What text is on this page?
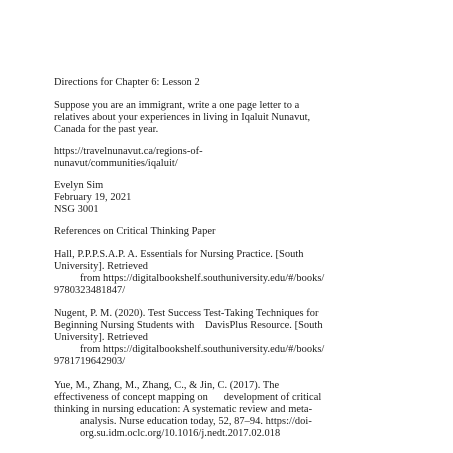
Directions for Chapter 6: Lesson 2
Suppose you are an immigrant, write a one page letter to a
relatives about your experiences in living in Iqaluit Nunavut,
Canada for the past year.
https://travelnunavut.ca/regions-of-
nunavut/communities/iqaluit/
Evelyn Sim
February 19, 2021
NSG 3001
References on Critical Thinking Paper
Hall, P.P.P.S.A.P. A. Essentials for Nursing Practice. [South
University]. Retrieved
from https://digitalbookshelf.southuniversity.edu/#/books/
9780323481847/
Nugent, P. M. (2020). Test Success Test-Taking Techniques for
Beginning Nursing Students with    DavisPlus Resource. [South
University]. Retrieved
from https://digitalbookshelf.southuniversity.edu/#/books/
9781719642903/
Yue, M., Zhang, M., Zhang, C., & Jin, C. (2017). The
effectiveness of concept mapping on      development of critical
thinking in nursing education: A systematic review and meta-
analysis. Nurse education today, 52, 87–94. https://doi-
org.su.idm.oclc.org/10.1016/j.nedt.2017.02.018
